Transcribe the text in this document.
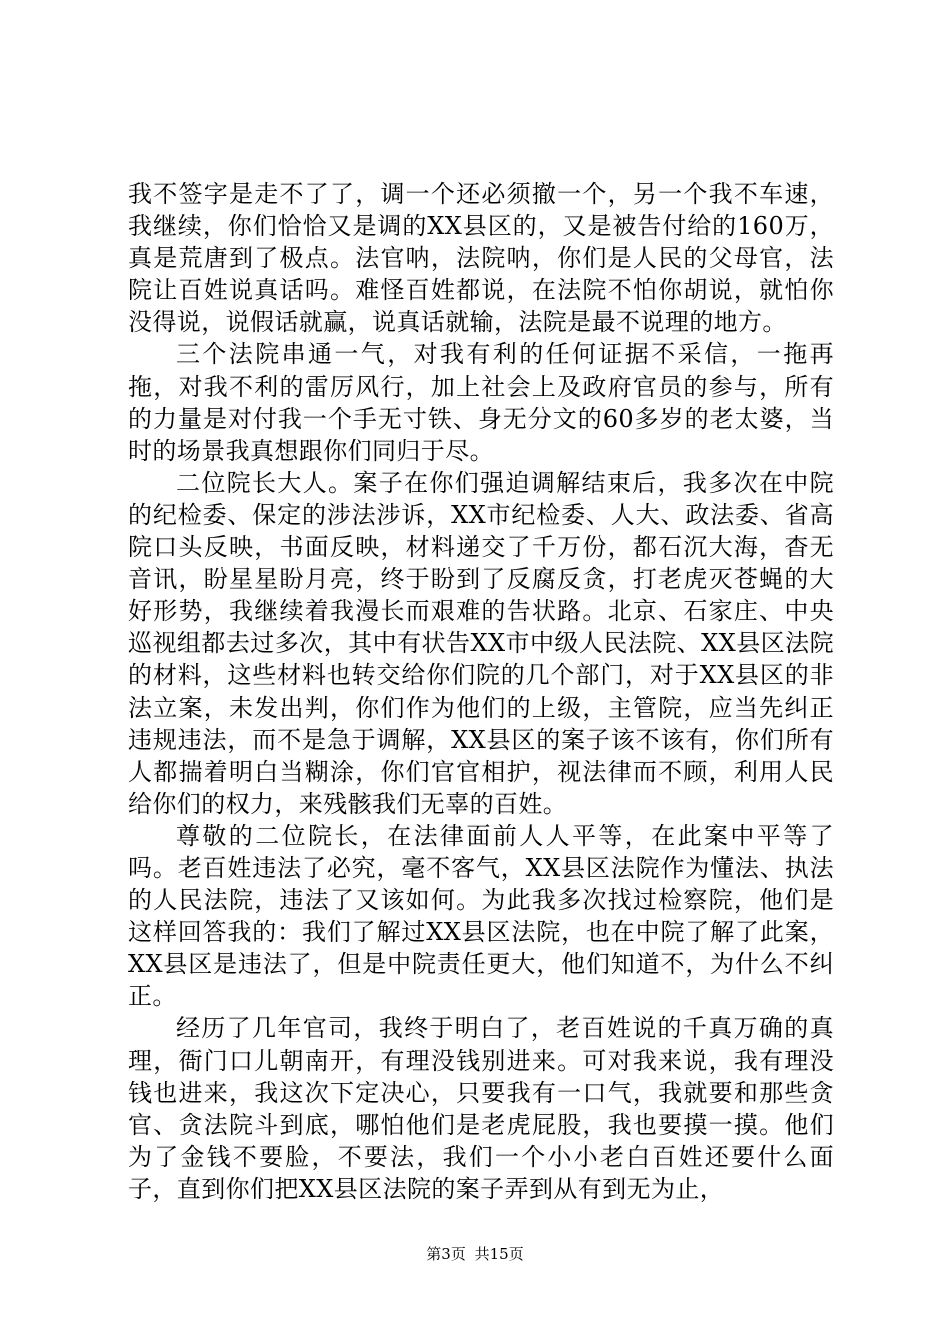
我不签字是走不了了，调一个还必须撤一个，另一个我不车速，我继续，你们恰恰又是调的XX县区的，又是被告付给的160万，真是荒唐到了极点。法官呐，法院呐，你们是人民的父母官，法院让百姓说真话吗。难怪百姓都说，在法院不怕你胡说，就怕你没得说，说假话就赢，说真话就输，法院是最不说理的地方。

三个法院串通一气，对我有利的任何证据不采信，一拖再拖，对我不利的雷厉风行，加上社会上及政府官员的参与，所有的力量是对付我一个手无寸铁、身无分文的60多岁的老太婆，当时的场景我真想跟你们同归于尽。

二位院长大人。案子在你们强迫调解结束后，我多次在中院的纪检委、保定的涉法涉诉，XX市纪检委、人大、政法委、省高院口头反映，书面反映，材料递交了千万份，都石沉大海，杳无音讯，盼星星盼月亮，终于盼到了反腐反贪，打老虎灭苍蝇的大好形势，我继续着我漫长而艰难的告状路。北京、石家庄、中央巡视组都去过多次，其中有状告XX市中级人民法院、XX县区法院的材料，这些材料也转交给你们院的几个部门，对于XX县区的非法立案，未发出判，你们作为他们的上级，主管院，应当先纠正违规违法，而不是急于调解，XX县区的案子该不该有，你们所有人都揣着明白当糊涂，你们官官相护，视法律而不顾，利用人民给你们的权力，来残骸我们无辜的百姓。

尊敬的二位院长，在法律面前人人平等，在此案中平等了吗。老百姓违法了必究，毫不客气，XX县区法院作为懂法、执法的人民法院，违法了又该如何。为此我多次找过检察院，他们是这样回答我的：我们了解过XX县区法院，也在中院了解了此案，XX县区是违法了，但是中院责任更大，他们知道不，为什么不纠正。

经历了几年官司，我终于明白了，老百姓说的千真万确的真理，衙门口儿朝南开，有理没钱别进来。可对我来说，我有理没钱也进来，我这次下定决心，只要我有一口气，我就要和那些贪官、贪法院斗到底，哪怕他们是老虎屁股，我也要摸一摸。他们为了金钱不要脸，不要法，我们一个小小老白百姓还要什么面子，直到你们把XX县区法院的案子弄到从有到无为止，

第3页 共15页
